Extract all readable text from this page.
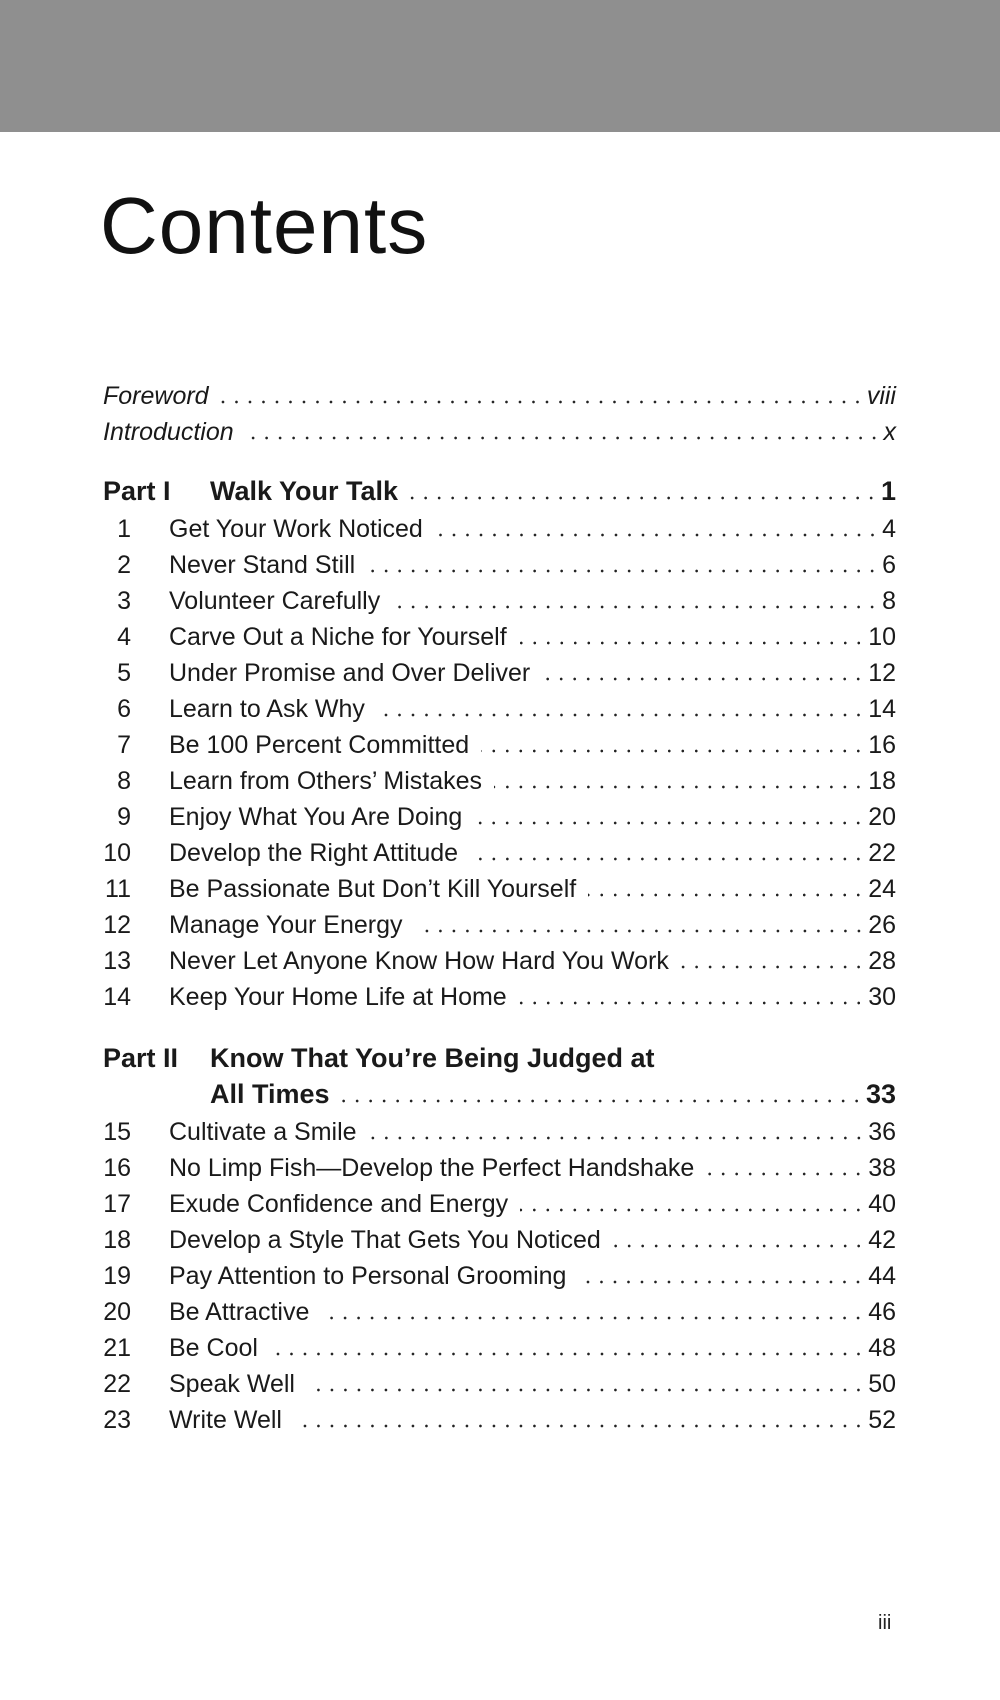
Contents
Foreword	viii
Introduction	x
Part I	Walk Your Talk	1
1 Get Your Work Noticed	4
2 Never Stand Still	6
3 Volunteer Carefully	8
4 Carve Out a Niche for Yourself	10
5 Under Promise and Over Deliver	12
6 Learn to Ask Why	14
7 Be 100 Percent Committed	16
8 Learn from Others’ Mistakes	18
9 Enjoy What You Are Doing	20
10 Develop the Right Attitude	22
11 Be Passionate But Don’t Kill Yourself	24
12 Manage Your Energy	26
13 Never Let Anyone Know How Hard You Work	28
14 Keep Your Home Life at Home	30
Part II	Know That You’re Being Judged at
All Times	33
15 Cultivate a Smile	36
16 No Limp Fish—Develop the Perfect Handshake	38
17 Exude Confidence and Energy	40
18 Develop a Style That Gets You Noticed	42
19 Pay Attention to Personal Grooming	44
20 Be Attractive	46
21 Be Cool	48
22 Speak Well	50
23 Write Well	52
iii
